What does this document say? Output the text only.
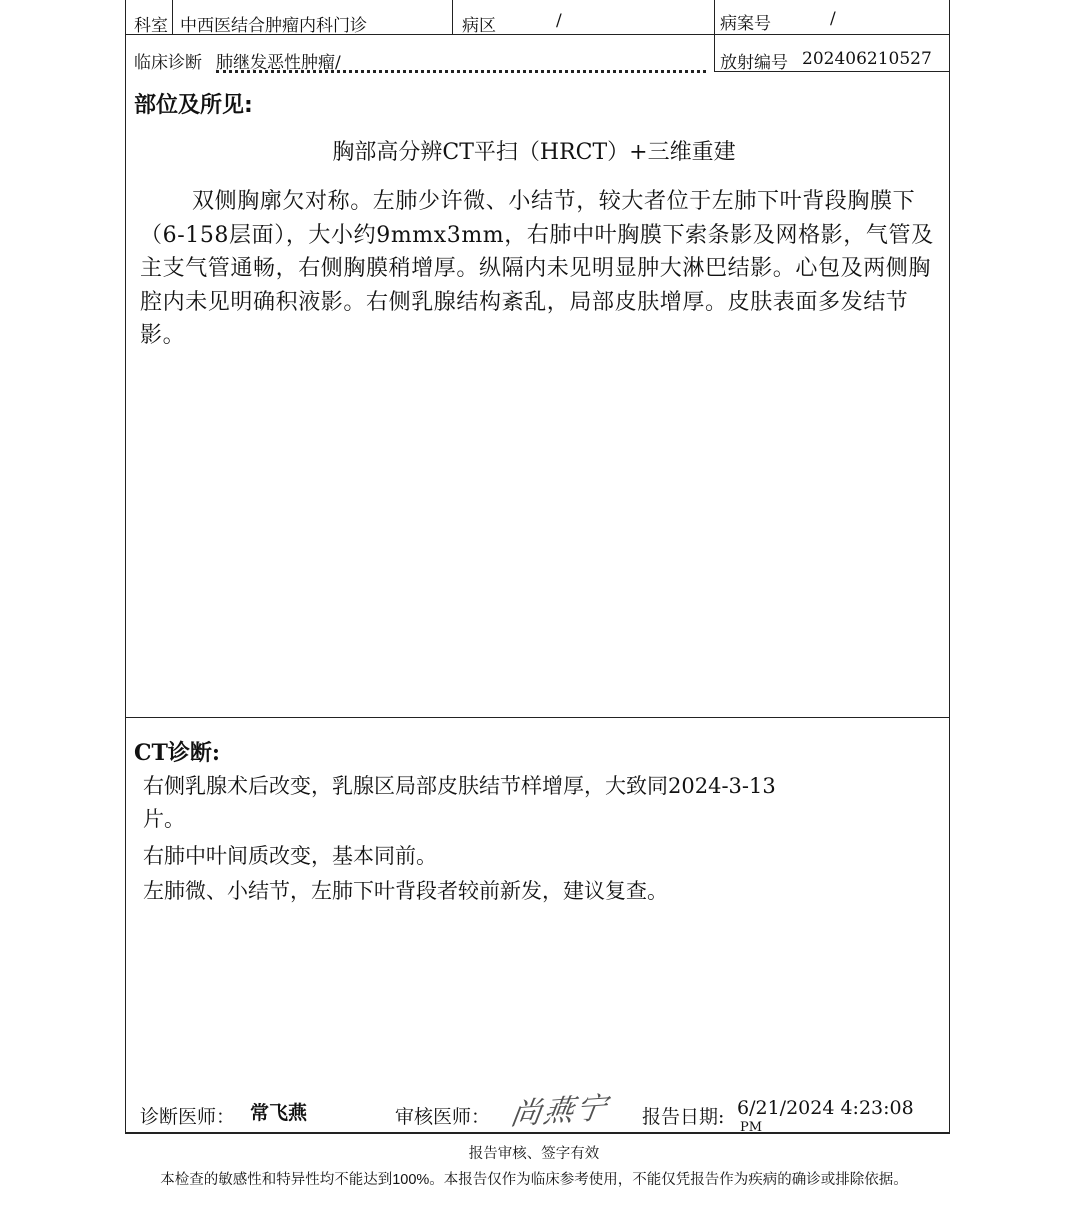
科室 中西医结合肿瘤内科门诊	病区	/	病案号	/
临床诊断 肺继发恶性肿瘤/	放射编号 202406210527
部位及所见:
胸部高分辨CT平扫（HRCT）+三维重建
双侧胸廓欠对称。左肺少许微、小结节，较大者位于左肺下叶背段胸膜下（6-158层面），大小约9mmx3mm，右肺中叶胸膜下索条影及网格影，气管及主支气管通畅，右侧胸膜稍增厚。纵隔内未见明显肿大淋巴结影。心包及两侧胸腔内未见明确积液影。右侧乳腺结构紊乱，局部皮肤增厚。皮肤表面多发结节影。
CT诊断:
右侧乳腺术后改变，乳腺区局部皮肤结节样增厚，大致同2024-3-13
片。
右肺中叶间质改变，基本同前。
左肺微、小结节，左肺下叶背段者较前新发，建议复查。
诊断医师： 常飞燕	审核医师： 尚燕宁 报告日期: 6/21/2024 4:23:08
PM
报告审核、签字有效
本检查的敏感性和特异性均不能达到100%。本报告仅作为临床参考使用，不能仅凭报告作为疾病的确诊或排除依据。
